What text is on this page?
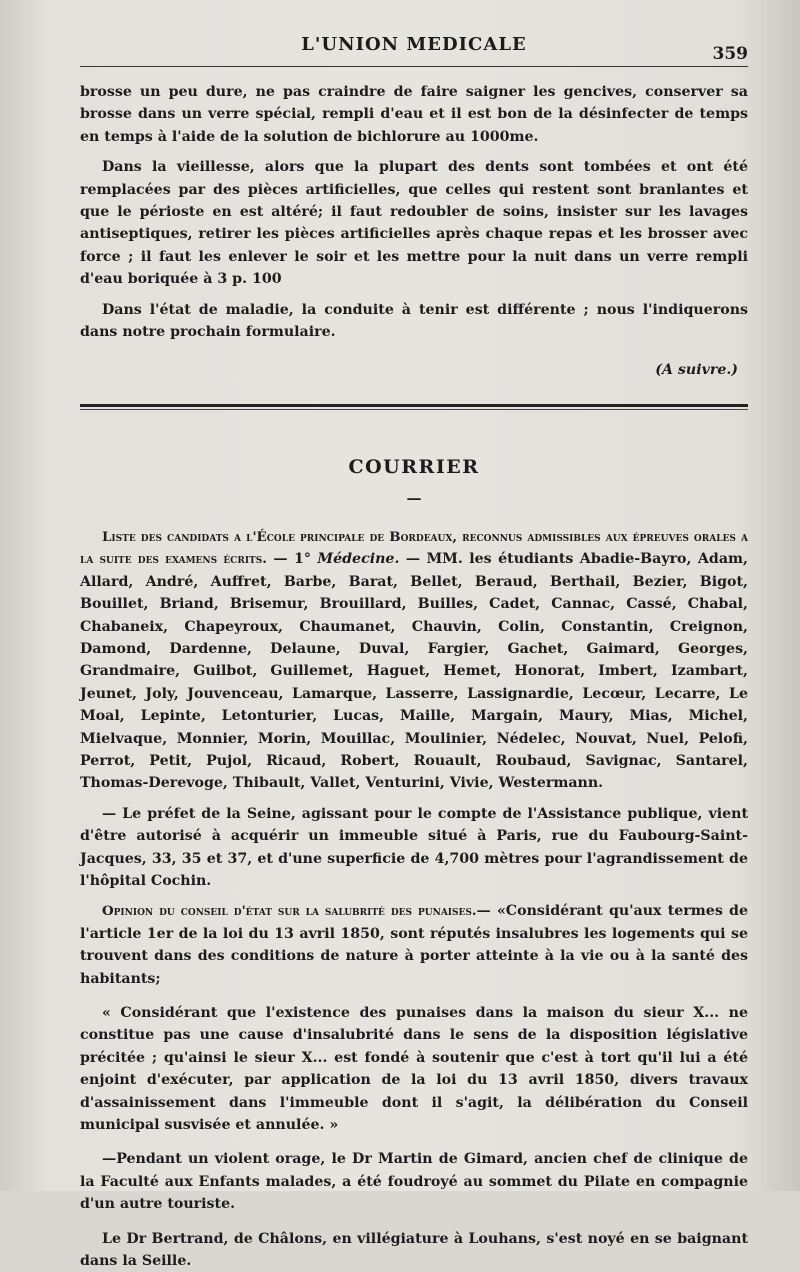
L'UNION MEDICALE	359

brosse un peu dure, ne pas craindre de faire saigner les gencives, conserver sa brosse dans un verre spécial, rempli d'eau et il est bon de la désinfecter de temps en temps à l'aide de la solution de bichlorure au 1000me.

Dans la vieillesse, alors que la plupart des dents sont tombées et ont été remplacées par des pièces artificielles, que celles qui restent sont branlantes et que le périoste en est altéré; il faut redoubler de soins, insister sur les lavages antiseptiques, retirer les pièces artificielles après chaque repas et les brosser avec force ; il faut les enlever le soir et les mettre pour la nuit dans un verre rempli d'eau boriquée à 3 p. 100

Dans l'état de maladie, la conduite à tenir est différente ; nous l'indiquerons dans notre prochain formulaire.

(A suivre.)

COURRIER
—

Liste des candidats a l'École principale de Bordeaux, reconnus admissibles aux épreuves orales a la suite des examens écrits. — 1° Médecine. — MM. les étudiants Abadie-Bayro, Adam, Allard, André, Auffret, Barbe, Barat, Bellet, Beraud, Berthail, Bezier, Bigot, Bouillet, Briand, Brisemur, Brouillard, Builles, Cadet, Cannac, Cassé, Chabal, Chabaneix, Chapeyroux, Chaumanet, Chauvin, Colin, Constantin, Creignon, Damond, Dardenne, Delaune, Duval, Fargier, Gachet, Gaimard, Georges, Grandmaire, Guilbot, Guillemet, Haguet, Hemet, Honorat, Imbert, Izambart, Jeunet, Joly, Jouvenceau, Lamarque, Lasserre, Lassignardie, Lecœur, Lecarre, Le Moal, Lepinte, Letonturier, Lucas, Maille, Margain, Maury, Mias, Michel, Mielvaque, Monnier, Morin, Mouillac, Moulinier, Nédelec, Nouvat, Nuel, Pelofi, Perrot, Petit, Pujol, Ricaud, Robert, Rouault, Roubaud, Savignac, Santarel, Thomas-Derevoge, Thibault, Vallet, Venturini, Vivie, Westermann.

— Le préfet de la Seine, agissant pour le compte de l'Assistance publique, vient d'être autorisé à acquérir un immeuble situé à Paris, rue du Faubourg-Saint-Jacques, 33, 35 et 37, et d'une superficie de 4,700 mètres pour l'agrandissement de l'hôpital Cochin.

Opinion du conseil d'état sur la salubrité des punaises.— «Considérant qu'aux termes de l'article 1er de la loi du 13 avril 1850, sont réputés insalubres les logements qui se trouvent dans des conditions de nature à porter atteinte à la vie ou à la santé des habitants;

« Considérant que l'existence des punaises dans la maison du sieur X... ne constitue pas une cause d'insalubrité dans le sens de la disposition législative précitée ; qu'ainsi le sieur X... est fondé à soutenir que c'est à tort qu'il lui a été enjoint d'exécuter, par application de la loi du 13 avril 1850, divers travaux d'assainissement dans l'immeuble dont il s'agit, la délibération du Conseil municipal susvisée et annulée. »

—Pendant un violent orage, le Dr Martin de Gimard, ancien chef de clinique de la Faculté aux Enfants malades, a été foudroyé au sommet du Pilate en compagnie d'un autre touriste.

Le Dr Bertrand, de Châlons, en villégiature à Louhans, s'est noyé en se baignant dans la Seille.
